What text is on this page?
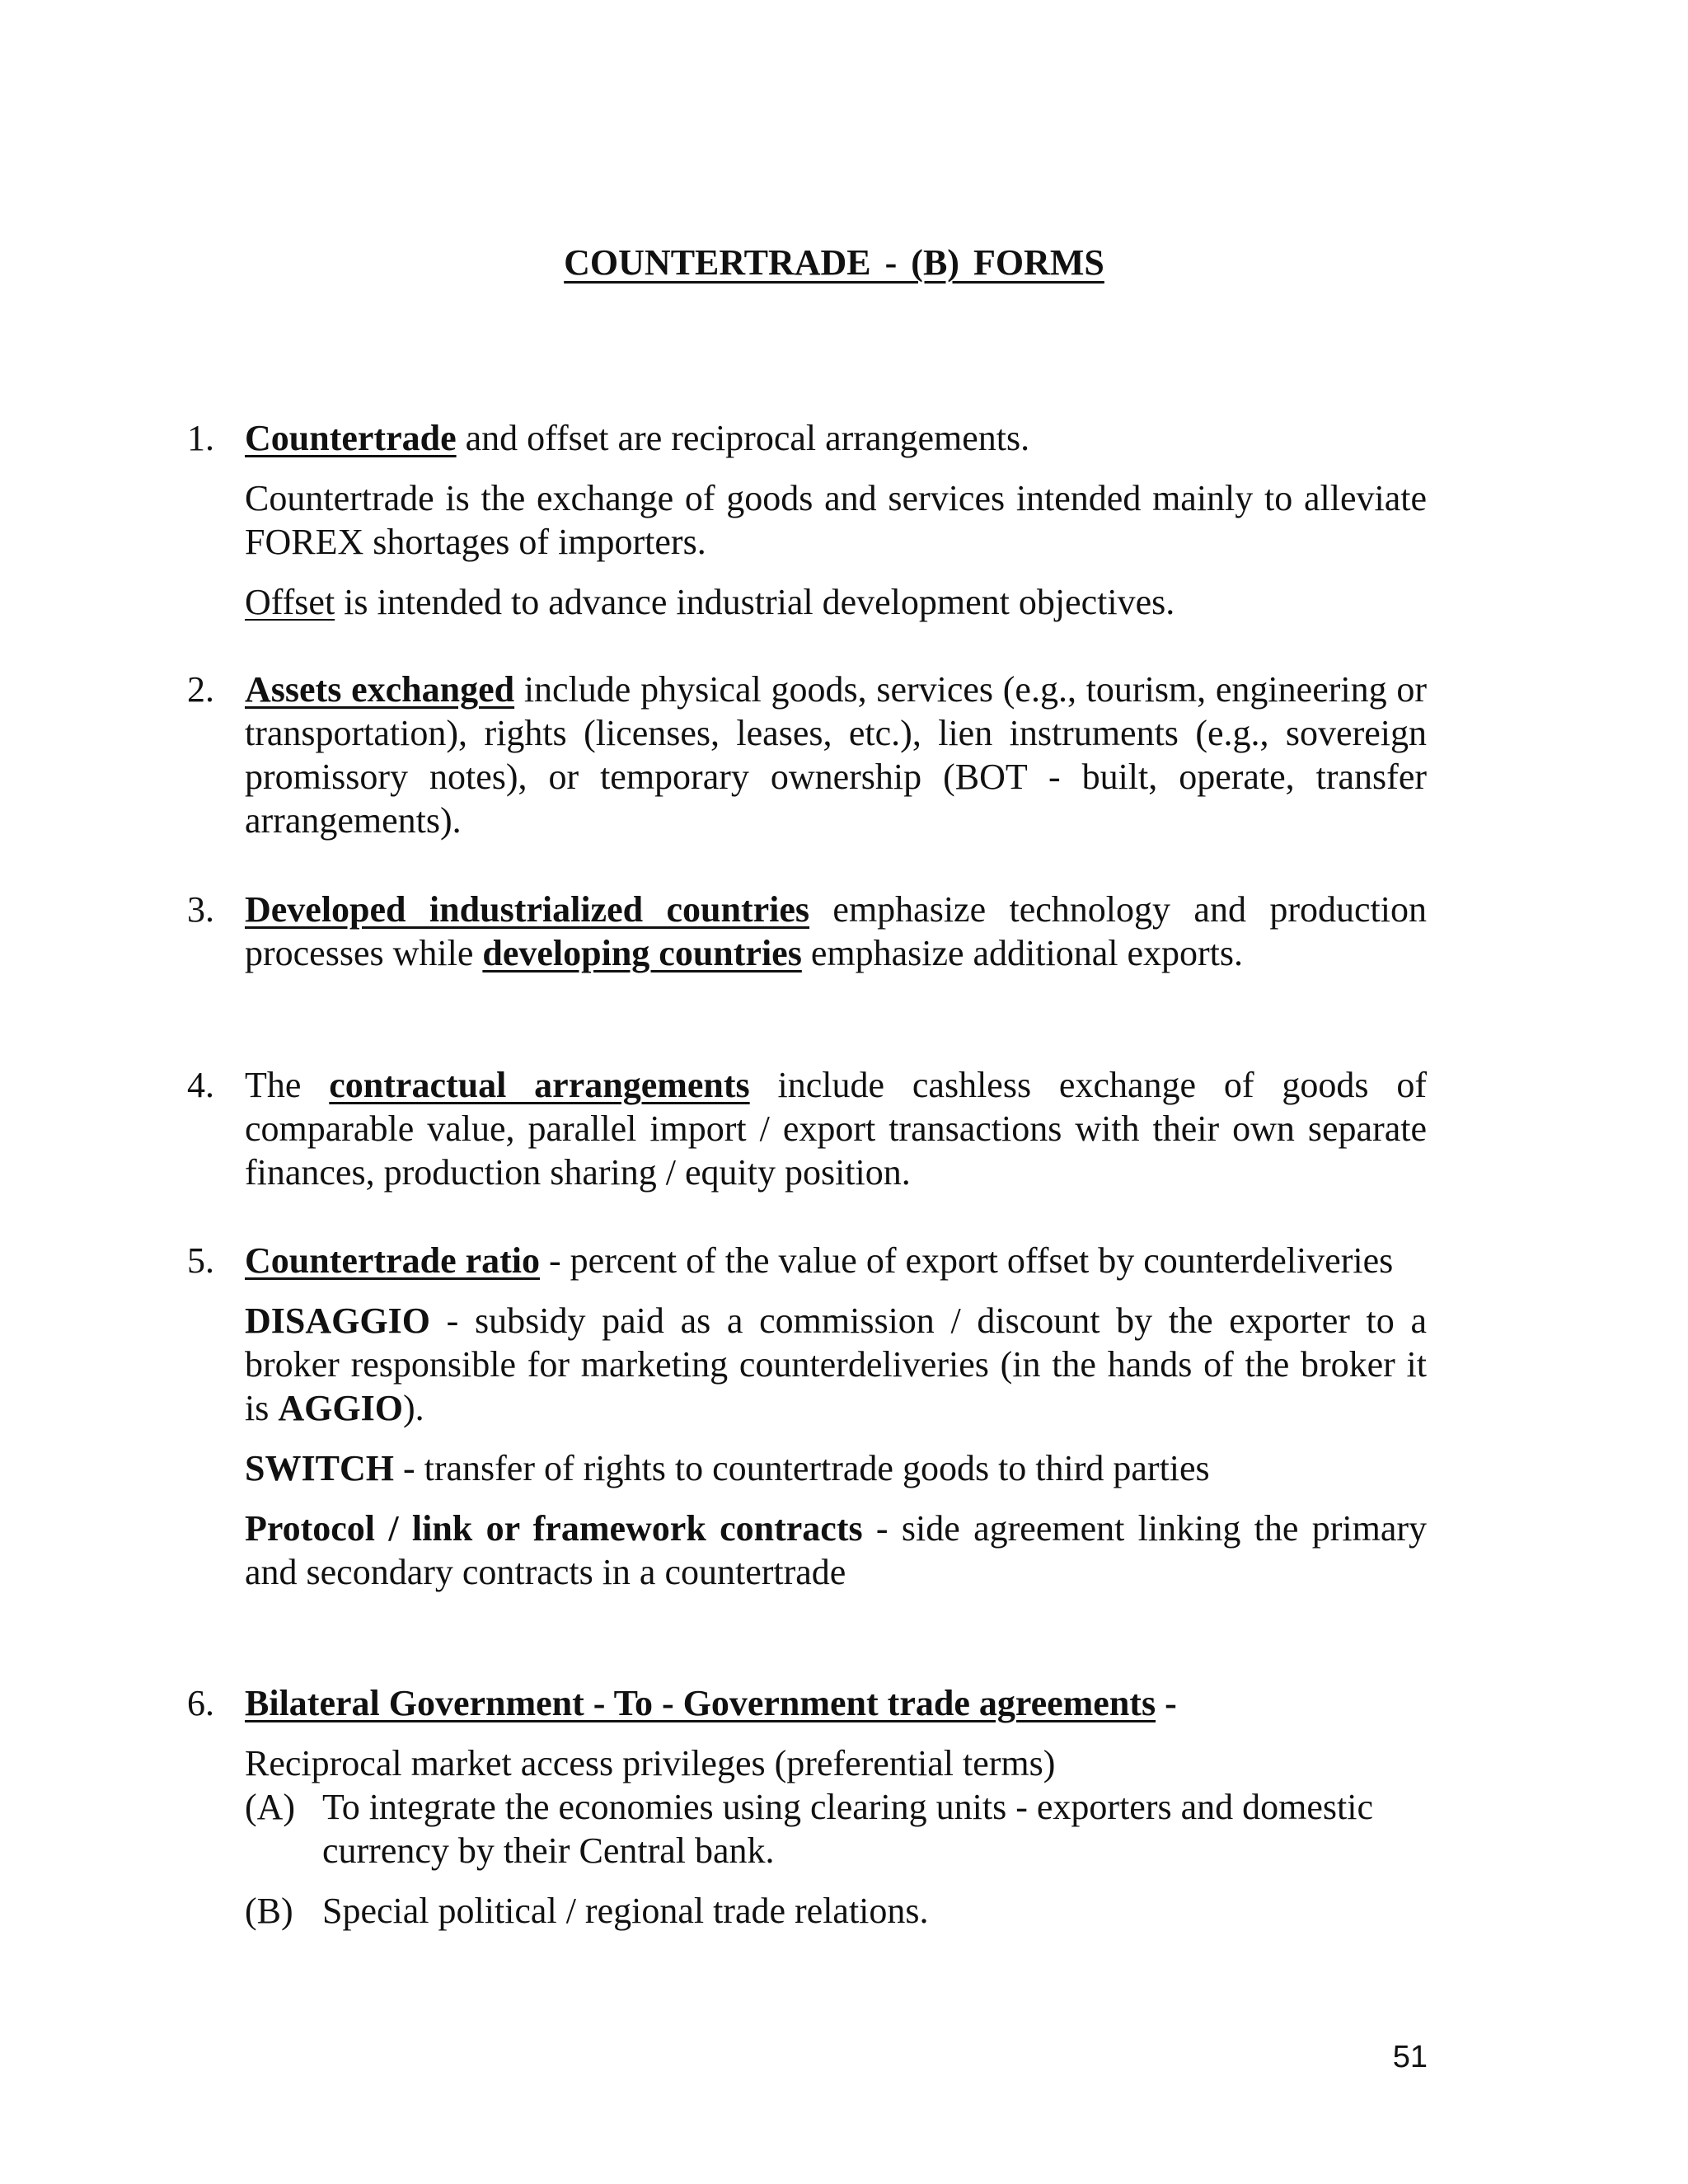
COUNTERTRADE - (B) FORMS
1. Countertrade and offset are reciprocal arrangements.

Countertrade is the exchange of goods and services intended mainly to alleviate FOREX shortages of importers.

Offset is intended to advance industrial development objectives.

2. Assets exchanged include physical goods, services (e.g., tourism, engineering or transportation), rights (licenses, leases, etc.), lien instruments (e.g., sovereign promissory notes), or temporary ownership (BOT - built, operate, transfer arrangements).

3. Developed industrialized countries emphasize technology and production processes while developing countries emphasize additional exports.

4. The contractual arrangements include cashless exchange of goods of comparable value, parallel import / export transactions with their own separate finances, production sharing / equity position.

5. Countertrade ratio - percent of the value of export offset by counterdeliveries

DISAGGIO - subsidy paid as a commission / discount by the exporter to a broker responsible for marketing counterdeliveries (in the hands of the broker it is AGGIO).

SWITCH - transfer of rights to countertrade goods to third parties

Protocol / link or framework contracts - side agreement linking the primary and secondary contracts in a countertrade

6. Bilateral Government - To - Government trade agreements -

Reciprocal market access privileges (preferential terms)

(A) To integrate the economies using clearing units - exporters and domestic currency by their Central bank.
(B) Special political / regional trade relations.
51
